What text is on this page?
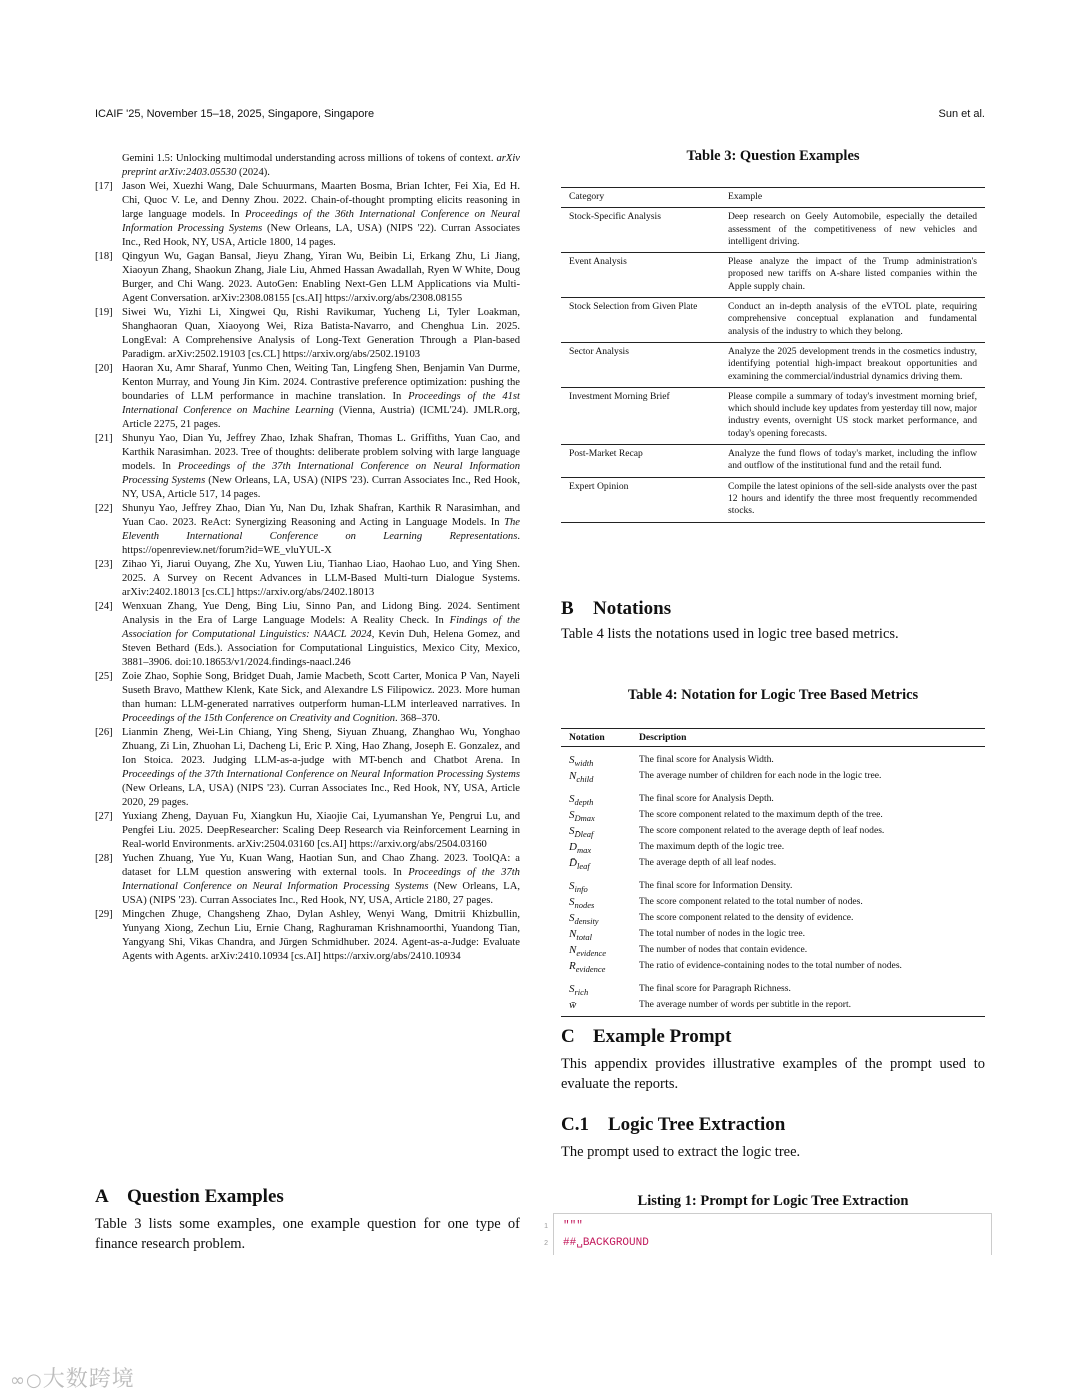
ICAIF '25, November 15–18, 2025, Singapore, Singapore	Sun et al.
Gemini 1.5: Unlocking multimodal understanding across millions of tokens of context. arXiv preprint arXiv:2403.05530 (2024).
[17] Jason Wei, Xuezhi Wang, Dale Schuurmans, Maarten Bosma, Brian Ichter, Fei Xia, Ed H. Chi, Quoc V. Le, and Denny Zhou. 2022. Chain-of-thought prompting elicits reasoning in large language models. In Proceedings of the 36th International Conference on Neural Information Processing Systems (New Orleans, LA, USA) (NIPS '22). Curran Associates Inc., Red Hook, NY, USA, Article 1800, 14 pages.
[18] Qingyun Wu, Gagan Bansal, Jieyu Zhang, Yiran Wu, Beibin Li, Erkang Zhu, Li Jiang, Xiaoyun Zhang, Shaokun Zhang, Jiale Liu, Ahmed Hassan Awadallah, Ryen W White, Doug Burger, and Chi Wang. 2023. AutoGen: Enabling Next-Gen LLM Applications via Multi-Agent Conversation. arXiv:2308.08155 [cs.AI] https://arxiv.org/abs/2308.08155
[19] Siwei Wu, Yizhi Li, Xingwei Qu, Rishi Ravikumar, Yucheng Li, Tyler Loakman, Shanghaoran Quan, Xiaoyong Wei, Riza Batista-Navarro, and Chenghua Lin. 2025. LongEval: A Comprehensive Analysis of Long-Text Generation Through a Plan-based Paradigm. arXiv:2502.19103 [cs.CL] https://arxiv.org/abs/2502.19103
[20] Haoran Xu, Amr Sharaf, Yunmo Chen, Weiting Tan, Lingfeng Shen, Benjamin Van Durme, Kenton Murray, and Young Jin Kim. 2024. Contrastive preference optimization: pushing the boundaries of LLM performance in machine translation. In Proceedings of the 41st International Conference on Machine Learning (Vienna, Austria) (ICML'24). JMLR.org, Article 2275, 21 pages.
[21] Shunyu Yao, Dian Yu, Jeffrey Zhao, Izhak Shafran, Thomas L. Griffiths, Yuan Cao, and Karthik Narasimhan. 2023. Tree of thoughts: deliberate problem solving with large language models. In Proceedings of the 37th International Conference on Neural Information Processing Systems (New Orleans, LA, USA) (NIPS '23). Curran Associates Inc., Red Hook, NY, USA, Article 517, 14 pages.
[22] Shunyu Yao, Jeffrey Zhao, Dian Yu, Nan Du, Izhak Shafran, Karthik R Narasimhan, and Yuan Cao. 2023. ReAct: Synergizing Reasoning and Acting in Language Models. In The Eleventh International Conference on Learning Representations. https://openreview.net/forum?id=WE_vluYUL-X
[23] Zihao Yi, Jiarui Ouyang, Zhe Xu, Yuwen Liu, Tianhao Liao, Haohao Luo, and Ying Shen. 2025. A Survey on Recent Advances in LLM-Based Multi-turn Dialogue Systems. arXiv:2402.18013 [cs.CL] https://arxiv.org/abs/2402.18013
[24] Wenxuan Zhang, Yue Deng, Bing Liu, Sinno Pan, and Lidong Bing. 2024. Sentiment Analysis in the Era of Large Language Models: A Reality Check. In Findings of the Association for Computational Linguistics: NAACL 2024, Kevin Duh, Helena Gomez, and Steven Bethard (Eds.). Association for Computational Linguistics, Mexico City, Mexico, 3881–3906. doi:10.18653/v1/2024.findings-naacl.246
[25] Zoie Zhao, Sophie Song, Bridget Duah, Jamie Macbeth, Scott Carter, Monica P Van, Nayeli Suseth Bravo, Matthew Klenk, Kate Sick, and Alexandre LS Filipowicz. 2023. More human than human: LLM-generated narratives outperform human-LLM interleaved narratives. In Proceedings of the 15th Conference on Creativity and Cognition. 368–370.
[26] Lianmin Zheng, Wei-Lin Chiang, Ying Sheng, Siyuan Zhuang, Zhanghao Wu, Yonghao Zhuang, Zi Lin, Zhuohan Li, Dacheng Li, Eric P. Xing, Hao Zhang, Joseph E. Gonzalez, and Ion Stoica. 2023. Judging LLM-as-a-judge with MT-bench and Chatbot Arena. In Proceedings of the 37th International Conference on Neural Information Processing Systems (New Orleans, LA, USA) (NIPS '23). Curran Associates Inc., Red Hook, NY, USA, Article 2020, 29 pages.
[27] Yuxiang Zheng, Dayuan Fu, Xiangkun Hu, Xiaojie Cai, Lyumanshan Ye, Pengrui Lu, and Pengfei Liu. 2025. DeepResearcher: Scaling Deep Research via Reinforcement Learning in Real-world Environments. arXiv:2504.03160 [cs.AI] https://arxiv.org/abs/2504.03160
[28] Yuchen Zhuang, Yue Yu, Kuan Wang, Haotian Sun, and Chao Zhang. 2023. ToolQA: a dataset for LLM question answering with external tools. In Proceedings of the 37th International Conference on Neural Information Processing Systems (New Orleans, LA, USA) (NIPS '23). Curran Associates Inc., Red Hook, NY, USA, Article 2180, 27 pages.
[29] Mingchen Zhuge, Changsheng Zhao, Dylan Ashley, Wenyi Wang, Dmitrii Khizbullin, Yunyang Xiong, Zechun Liu, Ernie Chang, Raghuraman Krishnamoorthi, Yuandong Tian, Yangyang Shi, Vikas Chandra, and Jürgen Schmidhuber. 2024. Agent-as-a-Judge: Evaluate Agents with Agents. arXiv:2410.10934 [cs.AI] https://arxiv.org/abs/2410.10934
A Question Examples

Table 3 lists some examples, one example question for one type of finance research problem.

Table 3: Question Examples
Category	Example
Stock-Specific Analysis	Deep research on Geely Automobile, especially the detailed assessment of the competitiveness of new vehicles and intelligent driving.
Event Analysis	Please analyze the impact of the Trump administration's proposed new tariffs on A-share listed companies within the Apple supply chain.
Stock Selection from Given Plate	Conduct an in-depth analysis of the eVTOL plate, requiring comprehensive conceptual explanation and fundamental analysis of the industry to which they belong.
Sector Analysis	Analyze the 2025 development trends in the cosmetics industry, identifying potential high-impact breakout opportunities and examining the commercial/industrial dynamics driving them.
Investment Morning Brief	Please compile a summary of today's investment morning brief, which should include key updates from yesterday till now, major industry events, overnight US stock market performance, and today's opening forecasts.
Post-Market Recap	Analyze the fund flows of today's market, including the inflow and outflow of the institutional fund and the retail fund.
Expert Opinion	Compile the latest opinions of the sell-side analysts over the past 12 hours and identify the three most frequently recommended stocks.
B Notations

Table 4 lists the notations used in logic tree based metrics.

Table 4: Notation for Logic Tree Based Metrics
Notation	Description
$S_{width}$	The final score for Analysis Width.
$N_{child}$	The average number of children for each node in the logic tree.
$S_{depth}$	The final score for Analysis Depth.
$S_{Dmax}$	The score component related to the maximum depth of the tree.
$S_{D̄leaf}$	The score component related to the average depth of leaf nodes.
$D_{max}$	The maximum depth of the logic tree.
$D̄_{leaf}$	The average depth of all leaf nodes.
$S_{info}$	The final score for Information Density.
$S_{nodes}$	The score component related to the total number of nodes.
$S_{density}$	The score component related to the density of evidence.
$N_{total}$	The total number of nodes in the logic tree.
$N_{evidence}$	The number of nodes that contain evidence.
$R_{evidence}$	The ratio of evidence-containing nodes to the total number of nodes.
$S_{rich}$	The final score for Paragraph Richness.
w̄	The average number of words per subtitle in the report.
C Example Prompt

This appendix provides illustrative examples of the prompt used to evaluate the reports.

C.1 Logic Tree Extraction

The prompt used to extract the logic tree.

Listing 1: Prompt for Logic Tree Extraction
1 """
2 ##␣BACKGROUND
∞○大数跨境
